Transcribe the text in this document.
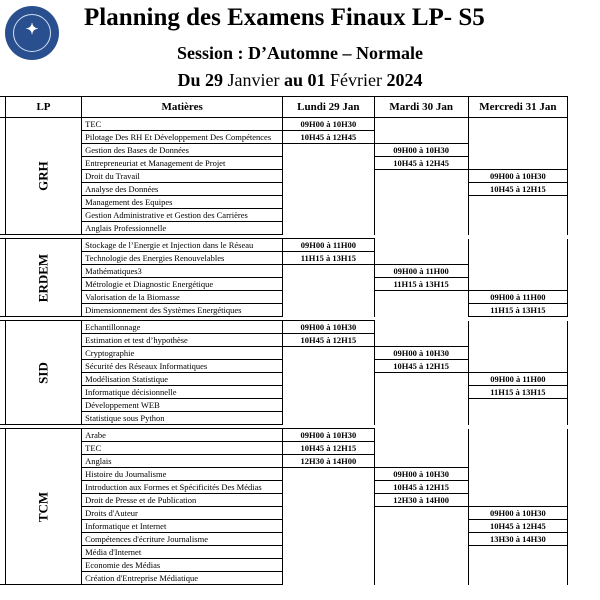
✦	Planning des Examens Finaux LP- S5
Session : D’Automne – Normale
Du 29 Janvier au 01 Février 2024
	LP	Matières	Lundi 29 Jan	Mardi 30 Jan	Mercredi 31 Jan

	GRH	TEC	09H00 à 10H30		
		Pilotage Des RH Et Développement Des Compétences	10H45 à 12H45		
		Gestion des Bases de Données		09H00 à 10H30	
		Entrepreneuriat et Management de Projet		10H45 à 12H45	
		Droit du Travail			09H00 à 10H30
		Analyse des Données			10H45 à 12H15
		Management des Equipes			
		Gestion Administrative et Gestion des Carrières			
		Anglais Professionnelle			

	ERDEM	Stockage de l’Energie et Injection dans le Réseau	09H00 à 11H00		
		Technologie des Energies Renouvelables	11H15 à 13H15		
		Mathématiques3		09H00 à 11H00	
		Métrologie et Diagnostic Energétique		11H15 à 13H15	
		Valorisation de la Biomasse			09H00 à 11H00
		Dimensionnement des Systèmes Energétiques			11H15 à 13H15

	SID	Echantillonnage	09H00 à 10H30		
		Estimation et test d’hypothèse	10H45 à 12H15		
		Cryptographie		09H00 à 10H30	
		Sécurité des Réseaux Informatiques		10H45 à 12H15	
		Modélisation Statistique			09H00 à 11H00
		Informatique décisionnelle			11H15 à 13H15
		Développement WEB			
		Statistique sous Python			

	TCM	Arabe	09H00 à 10H30		
		TEC	10H45 à 12H15		
		Anglais	12H30 à 14H00		
		Histoire du Journalisme		09H00 à 10H30	
		Introduction aux Formes et Spécificités Des Médias		10H45 à 12H15	
		Droit de Presse et de Publication		12H30 à 14H00	
		Droits d'Auteur			09H00 à 10H30
		Informatique et Internet			10H45 à 12H45
		Compétences d'écriture Journalisme			13H30 à 14H30
		Média d'Internet			
		Economie des Médias			
		Création d'Entreprise Médiatique			
